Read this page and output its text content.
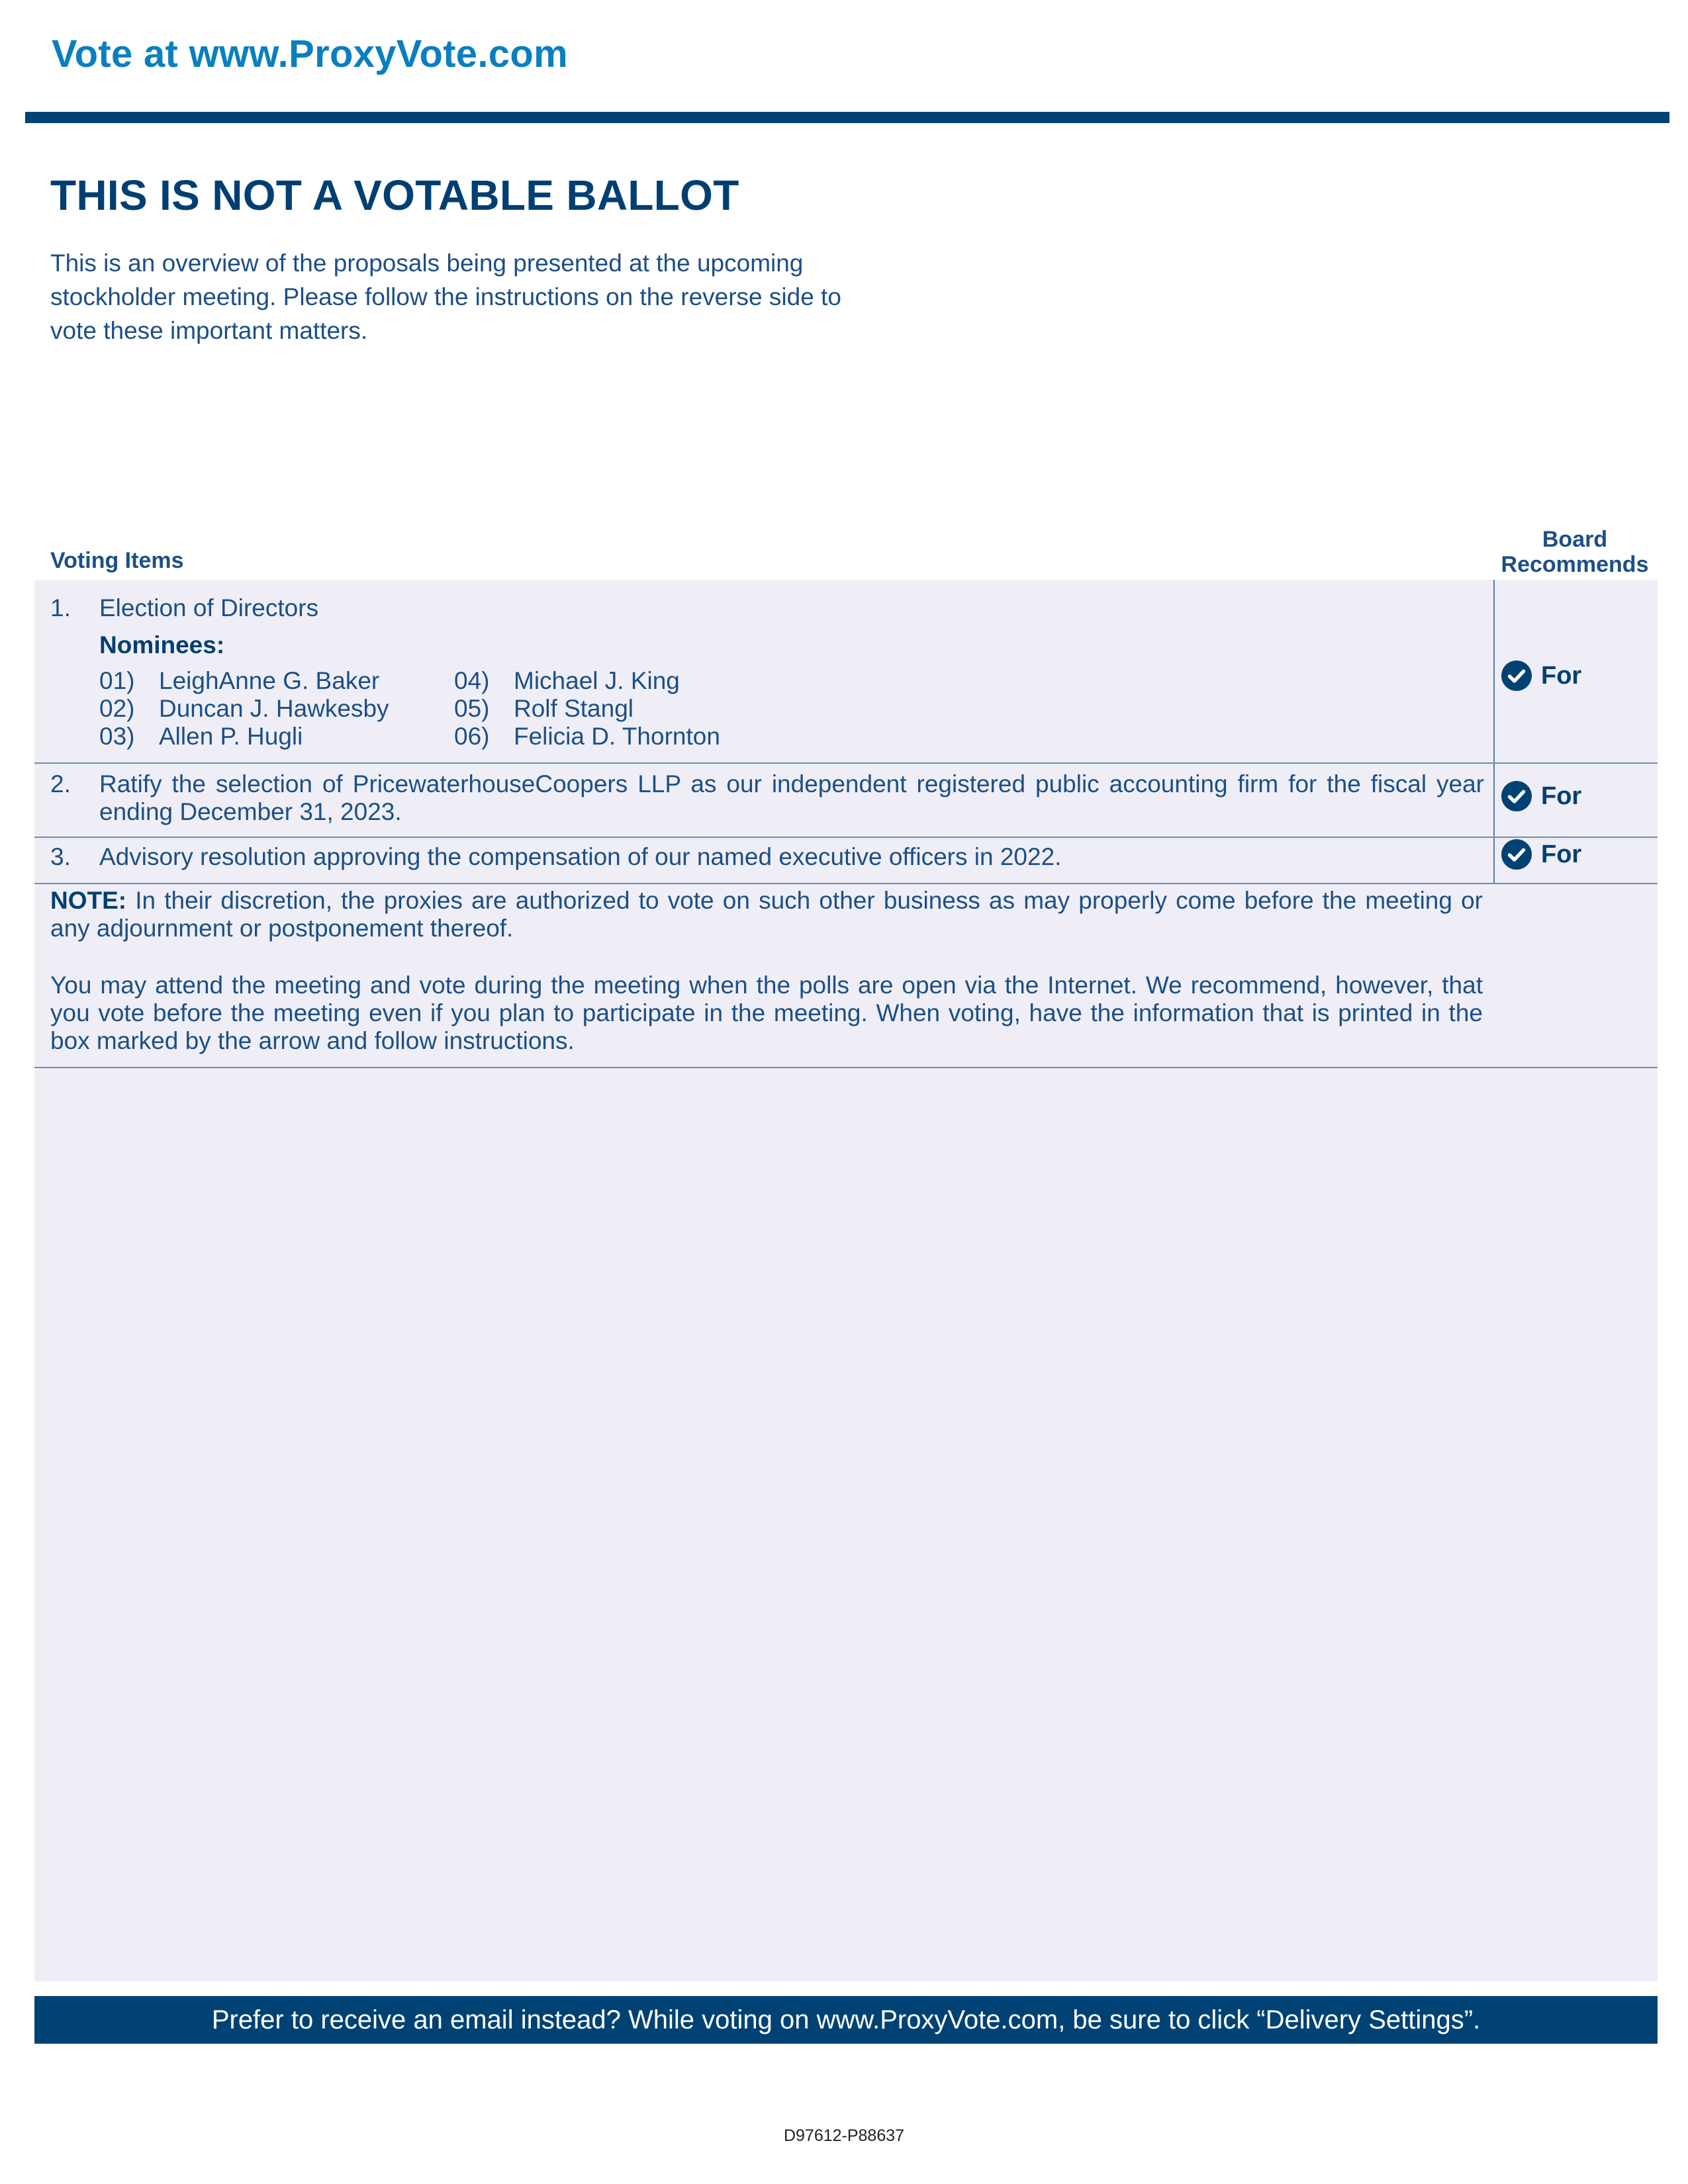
Vote at www.ProxyVote.com
THIS IS NOT A VOTABLE BALLOT

This is an overview of the proposals being presented at the upcoming stockholder meeting. Please follow the instructions on the reverse side to vote these important matters.

Voting Items
Board Recommends
1. Election of Directors
Nominees:
01) LeighAnne G. Baker
02) Duncan J. Hawkesby
03) Allen P. Hugli
04) Michael J. King
05) Rolf Stangl
06) Felicia D. Thornton
For
2. Ratify the selection of PricewaterhouseCoopers LLP as our independent registered public accounting firm for the fiscal year ending December 31, 2023.
For
3. Advisory resolution approving the compensation of our named executive officers in 2022.	For

NOTE: In their discretion, the proxies are authorized to vote on such other business as may properly come before the meeting or any adjournment or postponement thereof.

You may attend the meeting and vote during the meeting when the polls are open via the Internet. We recommend, however, that you vote before the meeting even if you plan to participate in the meeting. When voting, have the information that is printed in the box marked by the arrow and follow instructions.

Prefer to receive an email instead? While voting on www.ProxyVote.com, be sure to click “Delivery Settings”.
D97612-P88637
